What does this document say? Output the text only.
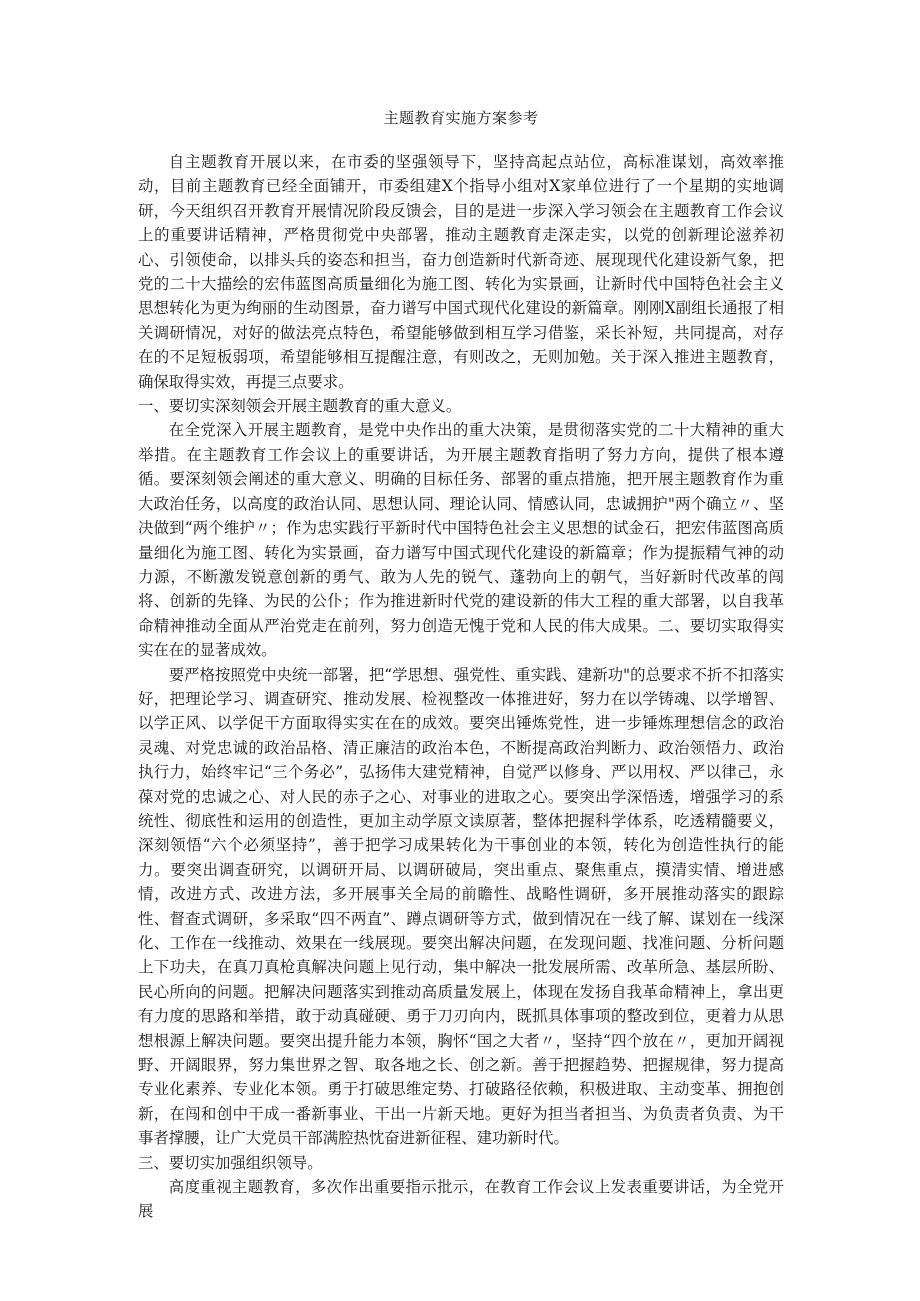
主题教育实施方案参考

自主题教育开展以来，在市委的坚强领导下，坚持高起点站位，高标准谋划，高效率推动，目前主题教育已经全面铺开，市委组建X个指导小组对X家单位进行了一个星期的实地调研，今天组织召开教育开展情况阶段反馈会，目的是进一步深入学习领会在主题教育工作会议上的重要讲话精神，严格贯彻党中央部署，推动主题教育走深走实，以党的创新理论滋养初心、引领使命，以排头兵的姿态和担当，奋力创造新时代新奇迹、展现现代化建设新气象，把党的二十大描绘的宏伟蓝图高质量细化为施工图、转化为实景画，让新时代中国特色社会主义思想转化为更为绚丽的生动图景，奋力谱写中国式现代化建设的新篇章。刚刚X副组长通报了相关调研情况，对好的做法亮点特色，希望能够做到相互学习借鉴，采长补短，共同提高，对存在的不足短板弱项，希望能够相互提醒注意，有则改之，无则加勉。关于深入推进主题教育，确保取得实效，再提三点要求。

一、要切实深刻领会开展主题教育的重大意义。

在全党深入开展主题教育，是党中央作出的重大决策，是贯彻落实党的二十大精神的重大举措。在主题教育工作会议上的重要讲话，为开展主题教育指明了努力方向，提供了根本遵循。要深刻领会阐述的重大意义、明确的目标任务、部署的重点措施，把开展主题教育作为重大政治任务，以高度的政治认同、思想认同、理论认同、情感认同，忠诚拥护"两个确立〃、坚决做到“两个维护〃；作为忠实践行平新时代中国特色社会主义思想的试金石，把宏伟蓝图高质量细化为施工图、转化为实景画，奋力谱写中国式现代化建设的新篇章；作为提振精气神的动力源，不断激发锐意创新的勇气、敢为人先的锐气、蓬勃向上的朝气，当好新时代改革的闯将、创新的先锋、为民的公仆；作为推进新时代党的建设新的伟大工程的重大部署，以自我革命精神推动全面从严治党走在前列，努力创造无愧于党和人民的伟大成果。二、要切实取得实实在在的显著成效。

要严格按照党中央统一部署，把“学思想、强党性、重实践、建新功"的总要求不折不扣落实好，把理论学习、调查研究、推动发展、检视整改一体推进好，努力在以学铸魂、以学增智、以学正风、以学促干方面取得实实在在的成效。要突出锤炼党性，进一步锤炼理想信念的政治灵魂、对党忠诚的政治品格、清正廉洁的政治本色，不断提高政治判断力、政治领悟力、政治执行力，始终牢记“三个务必”，弘扬伟大建党精神，自觉严以修身、严以用权、严以律己，永葆对党的忠诚之心、对人民的赤子之心、对事业的进取之心。要突出学深悟透，增强学习的系统性、彻底性和运用的创造性，更加主动学原文读原著，整体把握科学体系，吃透精髓要义，深刻领悟“六个必须坚持”，善于把学习成果转化为干事创业的本领，转化为创造性执行的能力。要突出调查研究，以调研开局、以调研破局，突出重点、聚焦重点，摸清实情、增进感情，改进方式、改进方法，多开展事关全局的前瞻性、战略性调研，多开展推动落实的跟踪性、督查式调研，多采取“四不两直”、蹲点调研等方式，做到情况在一线了解、谋划在一线深化、工作在一线推动、效果在一线展现。要突出解决问题，在发现问题、找准问题、分析问题上下功夫，在真刀真枪真解决问题上见行动，集中解决一批发展所需、改革所急、基层所盼、民心所向的问题。把解决问题落实到推动高质量发展上，体现在发扬自我革命精神上，拿出更有力度的思路和举措，敢于动真碰硬、勇于刀刃向内，既抓具体事项的整改到位，更着力从思想根源上解决问题。要突出提升能力本领，胸怀“国之大者〃，坚持“四个放在〃，更加开阔视野、开阔眼界，努力集世界之智、取各地之长、创之新。善于把握趋势、把握规律，努力提高专业化素养、专业化本领。勇于打破思维定势、打破路径依赖，积极进取、主动变革、拥抱创新，在闯和创中干成一番新事业、干出一片新天地。更好为担当者担当、为负责者负责、为干事者撑腰，让广大党员干部满腔热忱奋进新征程、建功新时代。

三、要切实加强组织领导。

高度重视主题教育，多次作出重要指示批示，在教育工作会议上发表重要讲话，为全党开展
